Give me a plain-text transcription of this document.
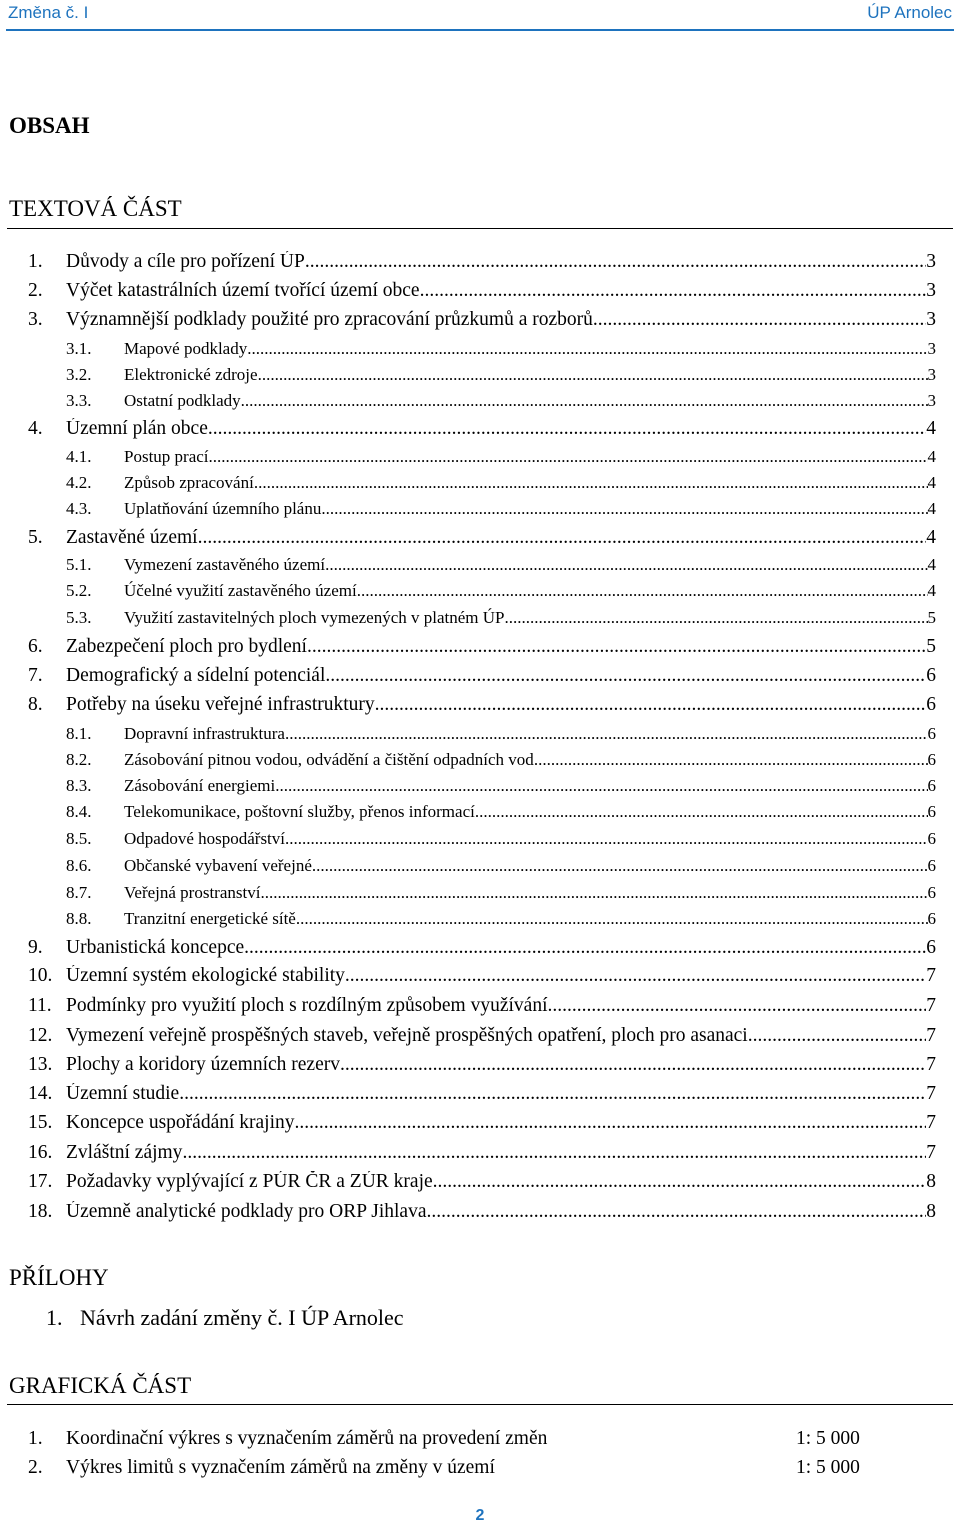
Změna č. I	ÚP Arnolec
OBSAH
TEXTOVÁ ČÁST
1.	Důvody a cíle pro pořízení ÚP .....	3
2.	Výčet katastrálních území tvořící území obce .....	3
3.	Významnější podklady použité pro zpracování průzkumů a rozborů .....	3
3.1.	Mapové podklady .....	3
3.2.	Elektronické zdroje .....	3
3.3.	Ostatní podklady .....	3
4.	Územní plán obce .....	4
4.1.	Postup prací .....	4
4.2.	Způsob zpracování .....	4
4.3.	Uplatňování územního plánu .....	4
5.	Zastavěné území .....	4
5.1.	Vymezení zastavěného území .....	4
5.2.	Účelné využití zastavěného území .....	4
5.3.	Využití zastavitelných ploch vymezených v platném ÚP .....	5
6.	Zabezpečení ploch pro bydlení .....	5
7.	Demografický a sídelní potenciál .....	6
8.	Potřeby na úseku veřejné infrastruktury .....	6
8.1.	Dopravní infrastruktura .....	6
8.2.	Zásobování pitnou vodou, odvádění a čištění odpadních vod .....	6
8.3.	Zásobování energiemi .....	6
8.4.	Telekomunikace, poštovní služby, přenos informací .....	6
8.5.	Odpadové hospodářství .....	6
8.6.	Občanské vybavení veřejné .....	6
8.7.	Veřejná prostranství .....	6
8.8.	Tranzitní energetické sítě .....	6
9.	Urbanistická koncepce .....	6
10. Územní systém ekologické stability .....	7
11. Podmínky pro využití ploch s rozdílným způsobem využívání .....	7
12. Vymezení veřejně prospěšných staveb, veřejně prospěšných opatření, ploch pro asanaci .....	7
13. Plochy a koridory územních rezerv .....	7
14. Územní studie .....	7
15. Koncepce uspořádání krajiny .....	7
16. Zvláštní zájmy .....	7
17. Požadavky vyplývající z PÚR ČR a ZÚR kraje .....	8
18. Územně analytické podklady pro ORP Jihlava .....	8
PŘÍLOHY
1. Návrh zadání změny č. I ÚP Arnolec
GRAFICKÁ ČÁST
1. Koordinační výkres s vyznačením záměrů na provedení změn	1: 5 000
2. Výkres limitů s vyznačením záměrů na změny v území	1: 5 000
2
